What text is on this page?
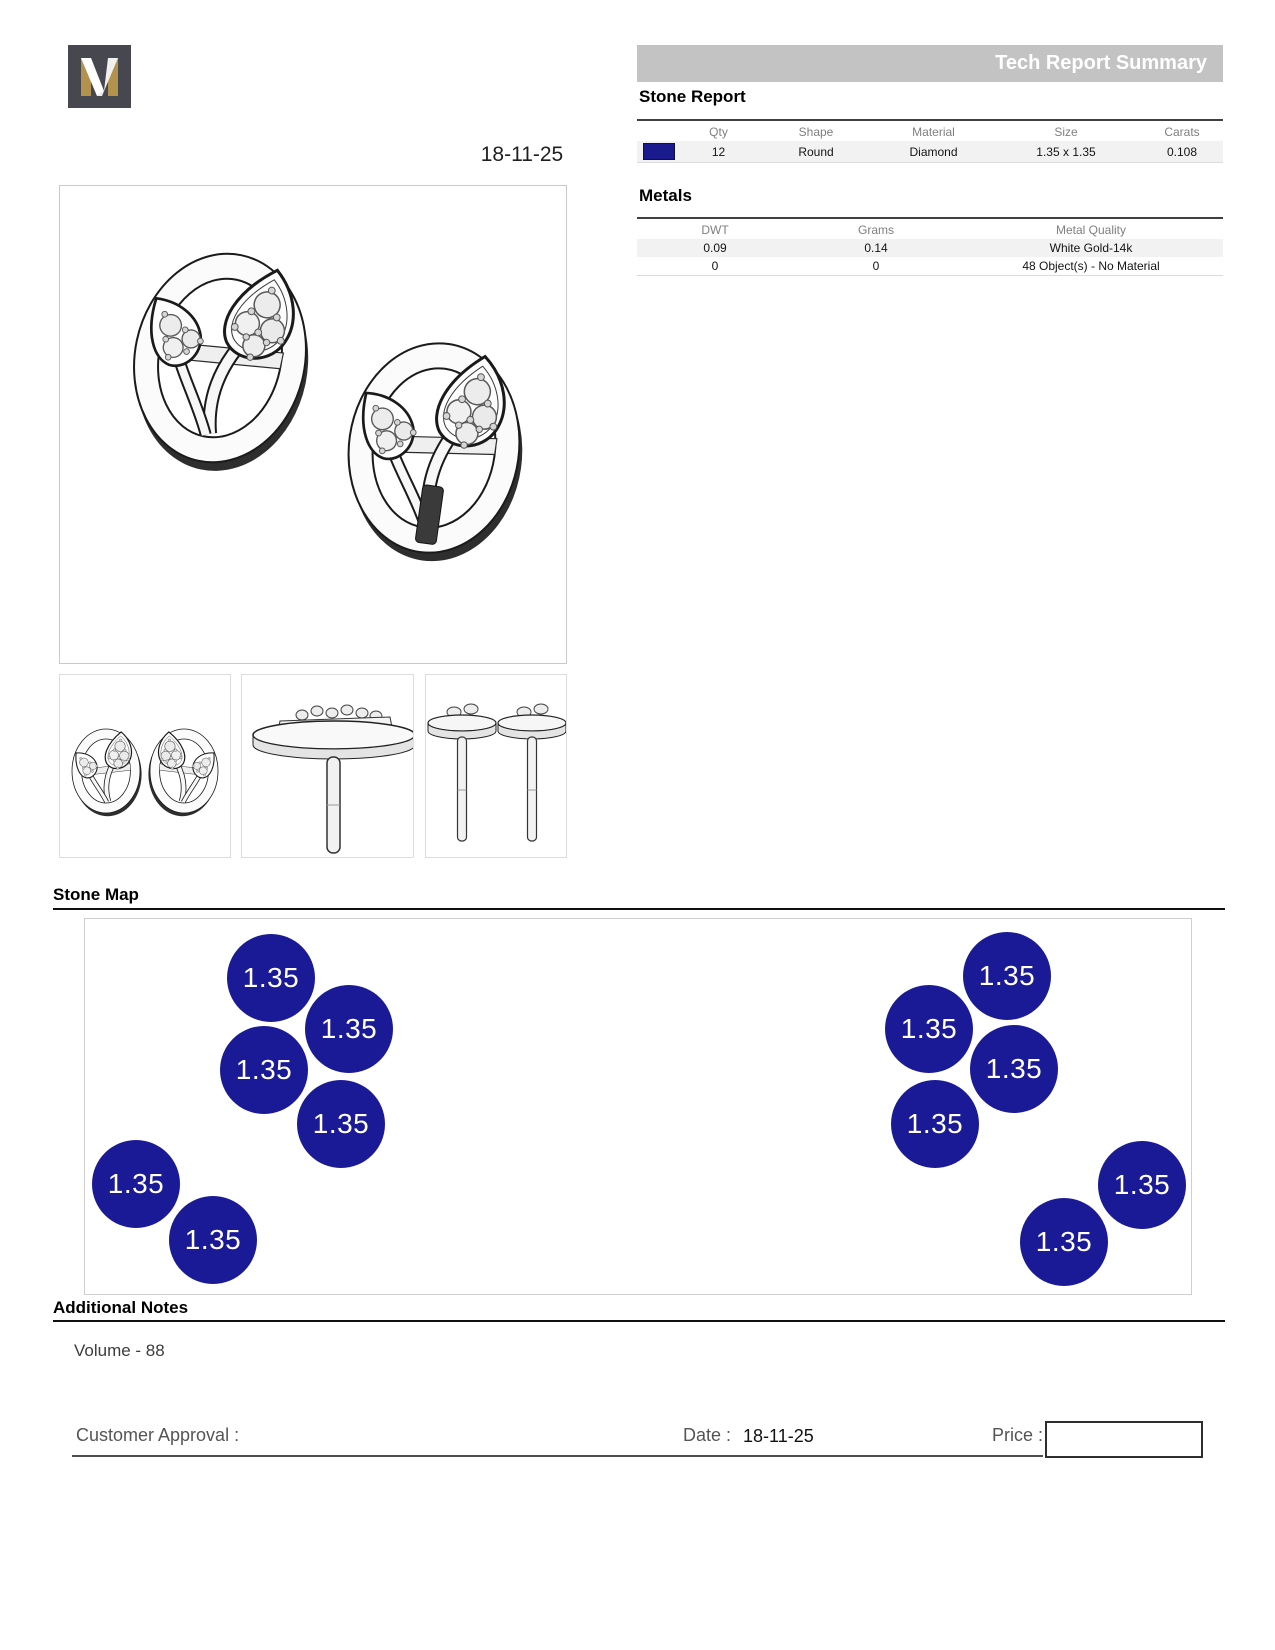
18-11-25
Tech Report Summary
Stone Report
	Qty	Shape	Material	Size	Carats
	12	Round	Diamond	1.35 x 1.35	0.108
Metals
DWT	Grams	Metal Quality
0.09	0.14	White Gold-14k
0	0	48 Object(s) - No Material
Stone Map
1.35
1.35
1.35
1.35
1.35
1.35
1.35
1.35
1.35
1.35
1.35
1.35
Additional Notes
Volume - 88
Customer Approval :	Date : 18-11-25	Price :
